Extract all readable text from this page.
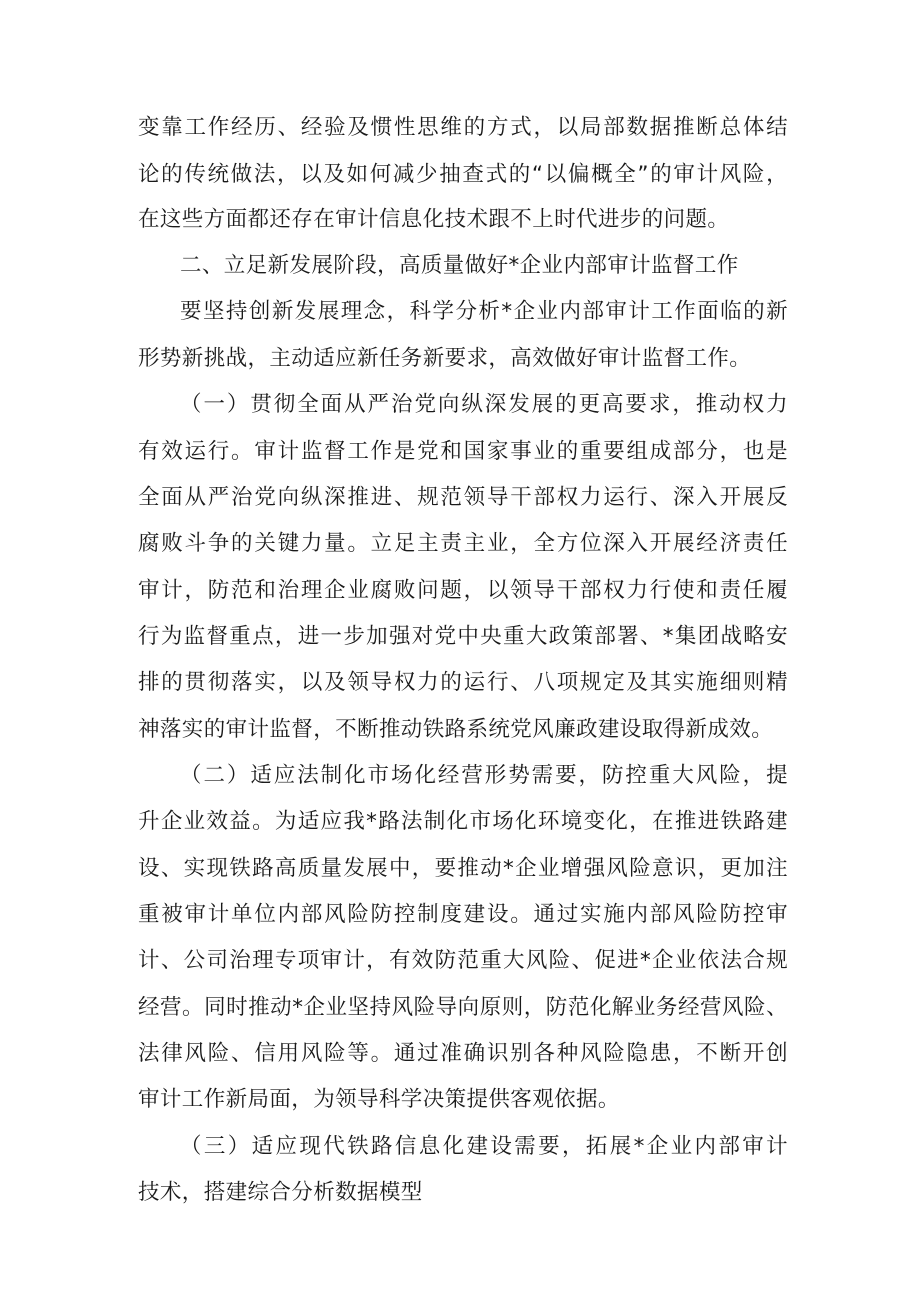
变靠工作经历、经验及惯性思维的方式，以局部数据推断总体结
论的传统做法，以及如何减少抽查式的“以偏概全”的审计风险，
在这些方面都还存在审计信息化技术跟不上时代进步的问题。
二、立足新发展阶段，高质量做好*企业内部审计监督工作
要坚持创新发展理念，科学分析*企业内部审计工作面临的新
形势新挑战，主动适应新任务新要求，高效做好审计监督工作。
（一）贯彻全面从严治党向纵深发展的更高要求，推动权力
有效运行。审计监督工作是党和国家事业的重要组成部分，也是
全面从严治党向纵深推进、规范领导干部权力运行、深入开展反
腐败斗争的关键力量。立足主责主业，全方位深入开展经济责任
审计，防范和治理企业腐败问题，以领导干部权力行使和责任履
行为监督重点，进一步加强对党中央重大政策部署、*集团战略安
排的贯彻落实，以及领导权力的运行、八项规定及其实施细则精
神落实的审计监督，不断推动铁路系统党风廉政建设取得新成效。
（二）适应法制化市场化经营形势需要，防控重大风险，提
升企业效益。为适应我*路法制化市场化环境变化，在推进铁路建
设、实现铁路高质量发展中，要推动*企业增强风险意识，更加注
重被审计单位内部风险防控制度建设。通过实施内部风险防控审
计、公司治理专项审计，有效防范重大风险、促进*企业依法合规
经营。同时推动*企业坚持风险导向原则，防范化解业务经营风险、
法律风险、信用风险等。通过准确识别各种风险隐患，不断开创
审计工作新局面，为领导科学决策提供客观依据。
（三）适应现代铁路信息化建设需要，拓展*企业内部审计
技术，搭建综合分析数据模型
